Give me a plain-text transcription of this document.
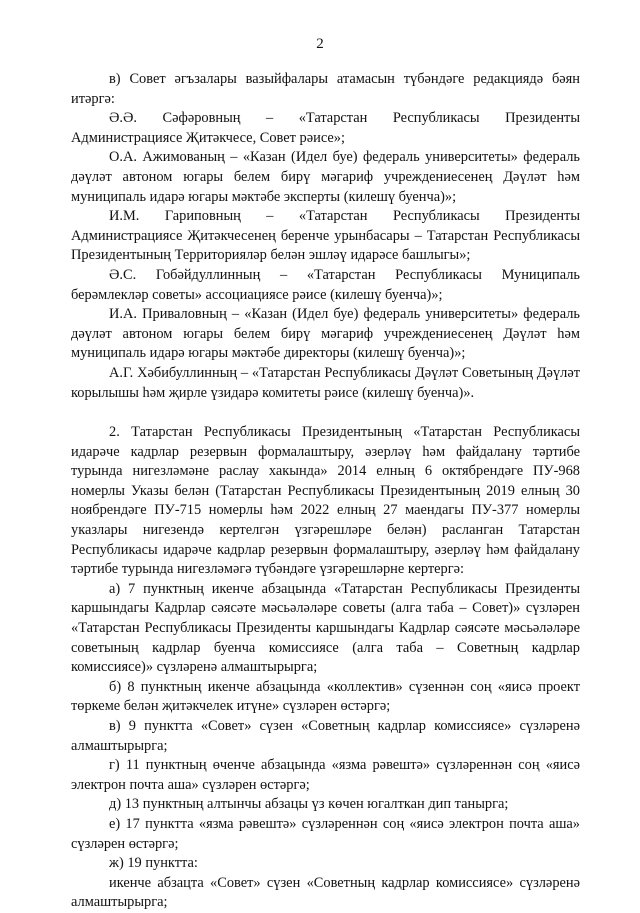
2

в) Совет әгъзалары вазыйфалары атамасын түбәндәге редакциядә бәян итәргә:

Ә.Ә. Сәфәровның – «Татарстан Республикасы Президенты Администрациясе Җитәкчесе, Совет рәисе»;

О.А. Ажимованың – «Казан (Идел буе) федераль университеты» федераль дәүләт автоном югары белем бирү мәгариф учреждениесенең Дәүләт һәм муниципаль идарә югары мәктәбе эксперты (килешү буенча)»;

И.М. Гариповның – «Татарстан Республикасы Президенты Администрациясе Җитәкчесенең беренче урынбасары – Татарстан Республикасы Президентының Территорияләр белән эшләү идарәсе башлыгы»;

Ә.С. Гобәйдуллинның – «Татарстан Республикасы Муниципаль берәмлекләр советы» ассоциациясе рәисе (килешү буенча)»;

И.А. Приваловның – «Казан (Идел буе) федераль университеты» федераль дәүләт автоном югары белем бирү мәгариф учреждениесенең Дәүләт һәм муниципаль идарә югары мәктәбе директоры (килешү буенча)»;

А.Г. Хәбибуллинның – «Татарстан Республикасы Дәүләт Советының Дәүләт корылышы һәм җирле үзидарә комитеты рәисе (килешү буенча)».

2. Татарстан Республикасы Президентының «Татарстан Республикасы идарәче кадрлар резервын формалаштыру, әзерләү һәм файдалану тәртибе турында нигезләмәне раслау хакында» 2014 елның 6 октябрендәге ПУ-968 номерлы Указы белән (Татарстан Республикасы Президентының 2019 елның 30 ноябрендәге ПУ-715 номерлы һәм 2022 елның 27 маендагы ПУ-377 номерлы указлары нигезендә кертелгән үзгәрешләре белән) расланган Татарстан Республикасы идарәче кадрлар резервын формалаштыру, әзерләү һәм файдалану тәртибе турында нигезләмәгә түбәндәге үзгәрешләрне кертергә:

а) 7 пунктның икенче абзацында «Татарстан Республикасы Президенты каршындагы Кадрлар сәясәте мәсьәләләре советы (алга таба – Совет)» сүзләрен «Татарстан Республикасы Президенты каршындагы Кадрлар сәясәте мәсьәләләре советының кадрлар буенча комиссиясе (алга таба – Советның кадрлар комиссиясе)» сүзләренә алмаштырырга;

б) 8 пунктның икенче абзацында «коллектив» сүзеннән соң «яисә проект төркеме белән җитәкчелек итүне» сүзләрен өстәргә;

в) 9 пунктта «Совет» сүзен «Советның кадрлар комиссиясе» сүзләренә алмаштырырга;

г) 11 пунктның өченче абзацында «язма рәвештә» сүзләреннән соң «яисә электрон почта аша» сүзләрен өстәргә;

д) 13 пунктның алтынчы абзацы үз көчен югалткан дип танырга;

е) 17 пунктта «язма рәвештә» сүзләреннән соң «яисә электрон почта аша» сүзләрен өстәргә;

ж) 19 пунктта:

икенче абзацта «Совет» сүзен «Советның кадрлар комиссиясе» сүзләренә алмаштырырга;
